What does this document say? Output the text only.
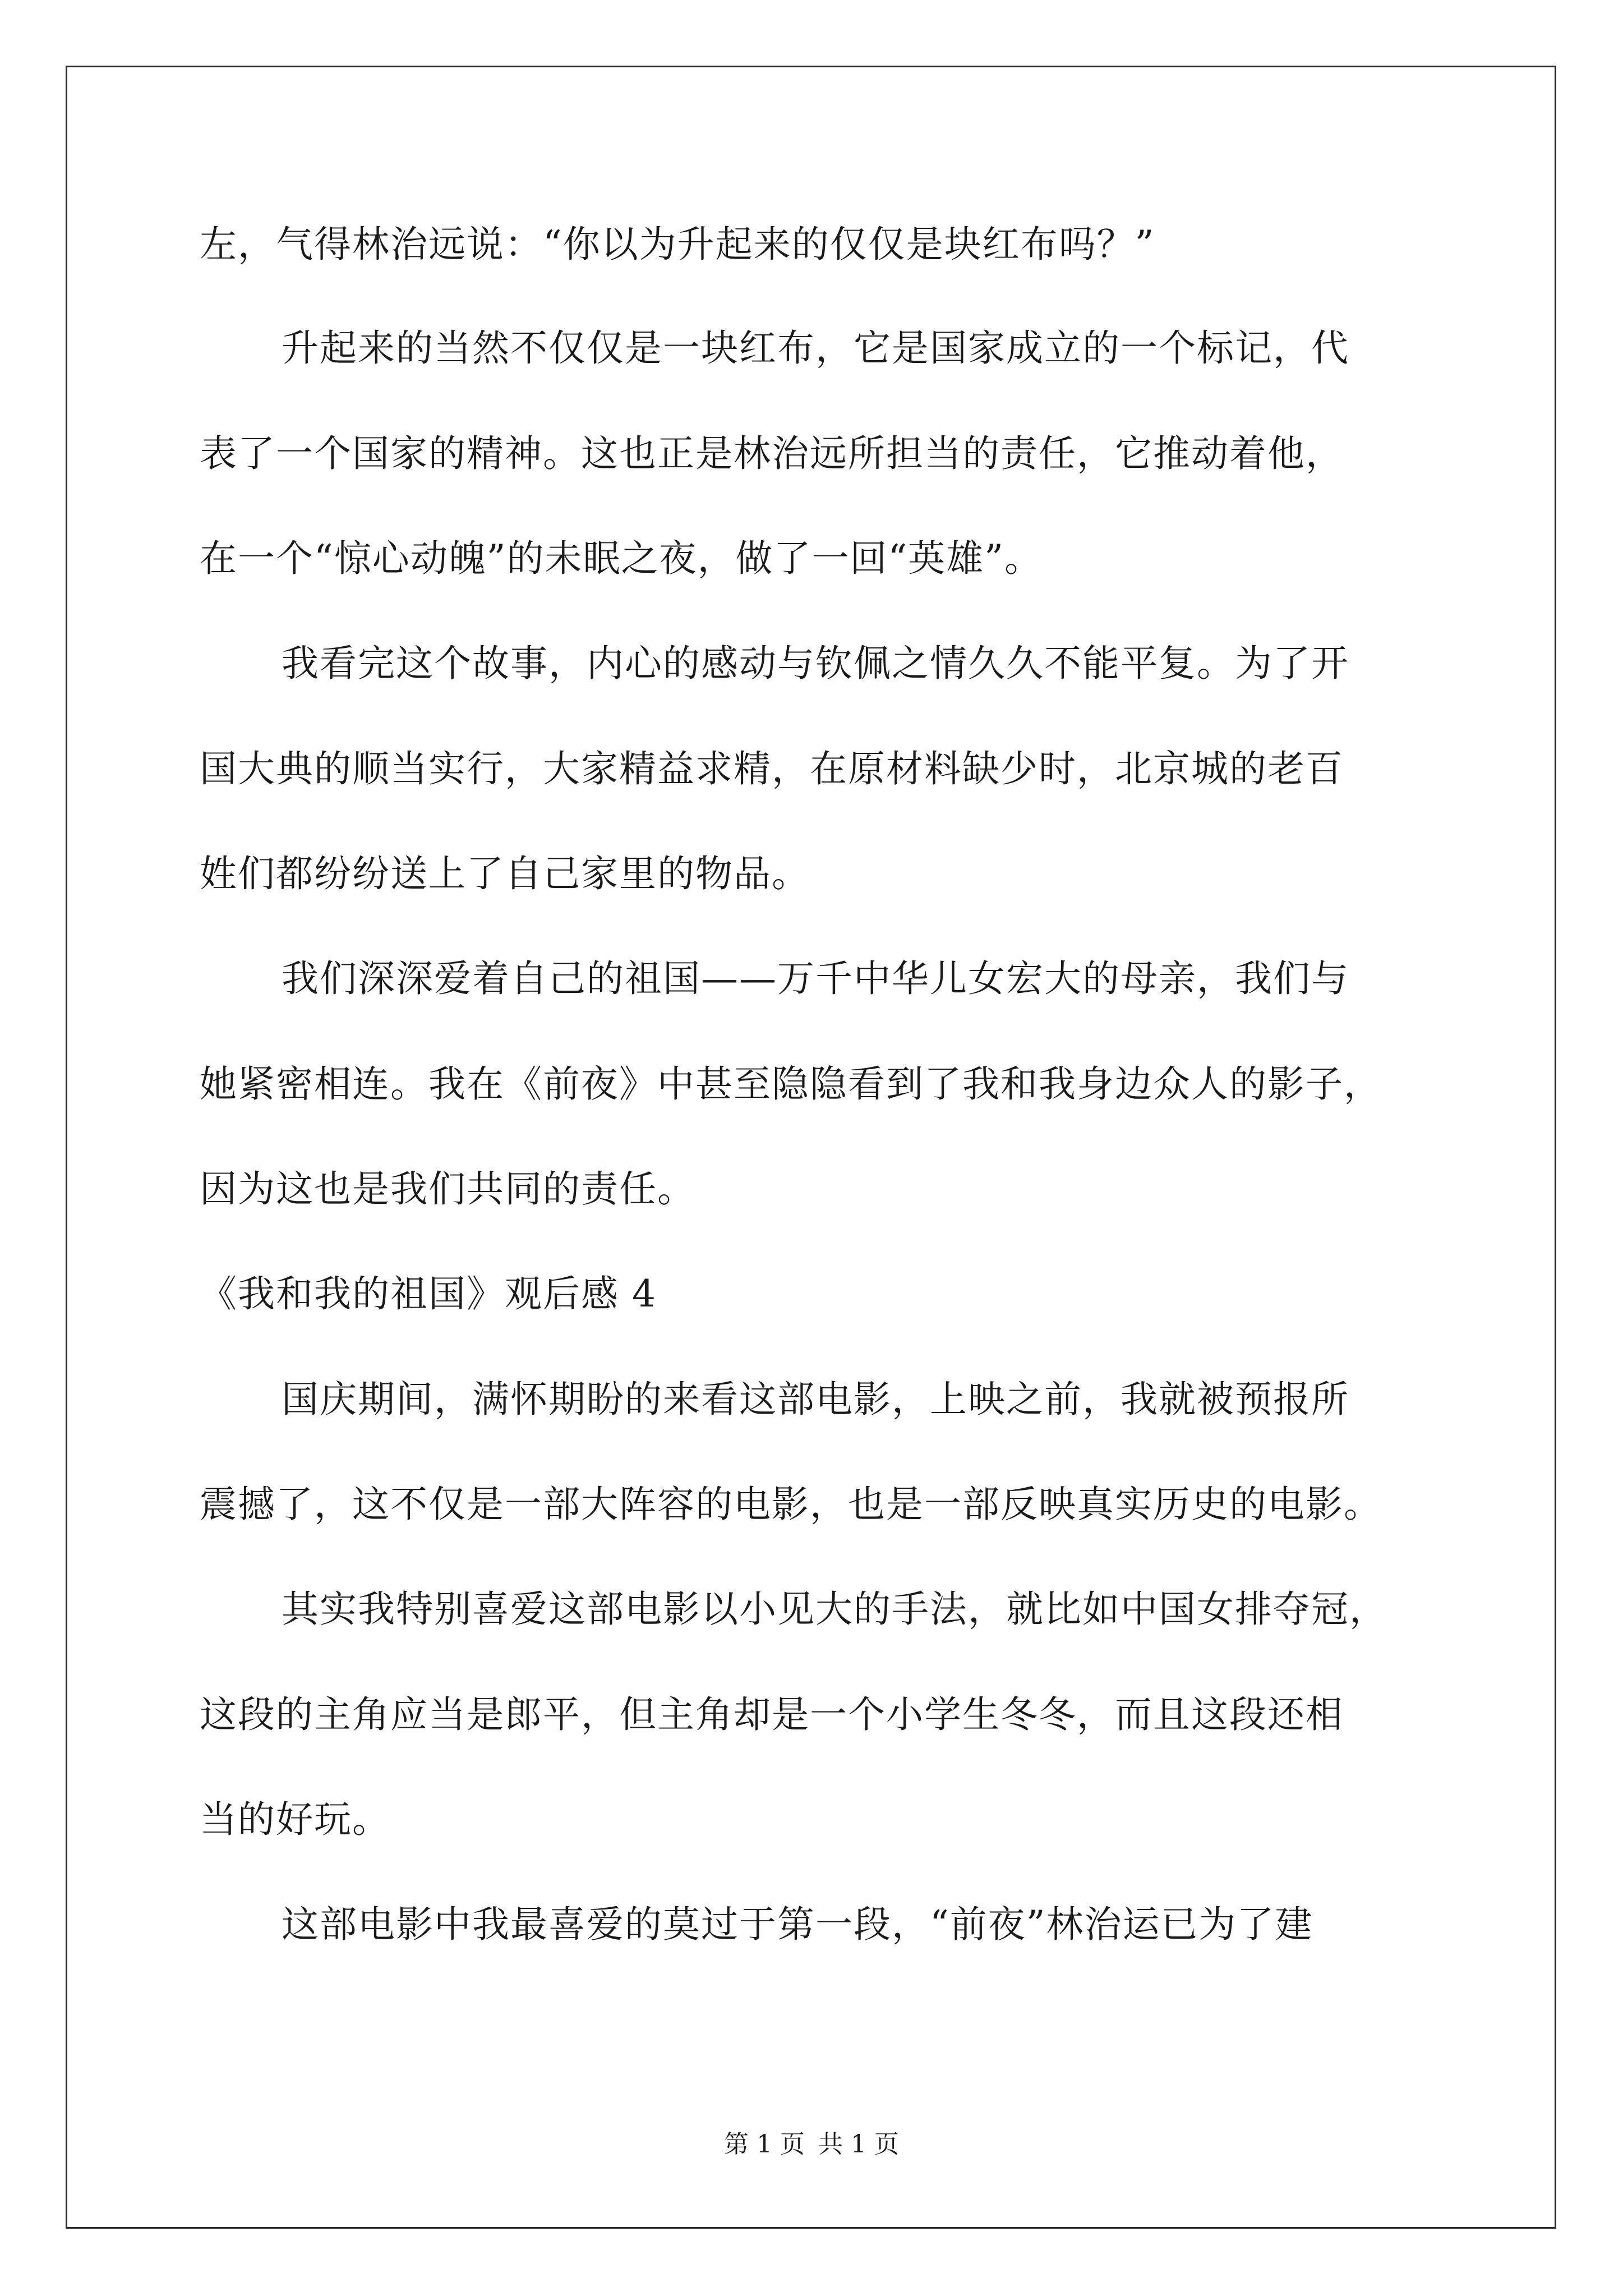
左，气得林治远说：“你以为升起来的仅仅是块红布吗？”
升起来的当然不仅仅是一块红布，它是国家成立的一个标记，代
表了一个国家的精神。这也正是林治远所担当的责任，它推动着他，
在一个“惊心动魄”的未眠之夜，做了一回“英雄”。
我看完这个故事，内心的感动与钦佩之情久久不能平复。为了开
国大典的顺当实行，大家精益求精，在原材料缺少时，北京城的老百
姓们都纷纷送上了自己家里的物品。
我们深深爱着自己的祖国——万千中华儿女宏大的母亲，我们与
她紧密相连。我在《前夜》中甚至隐隐看到了我和我身边众人的影子，
因为这也是我们共同的责任。
《我和我的祖国》观后感 4
国庆期间，满怀期盼的来看这部电影，上映之前，我就被预报所
震撼了，这不仅是一部大阵容的电影，也是一部反映真实历史的电影。
其实我特别喜爱这部电影以小见大的手法，就比如中国女排夺冠，
这段的主角应当是郎平，但主角却是一个小学生冬冬，而且这段还相
当的好玩。
这部电影中我最喜爱的莫过于第一段，“前夜”林治运已为了建
第 1 页 共 1 页
